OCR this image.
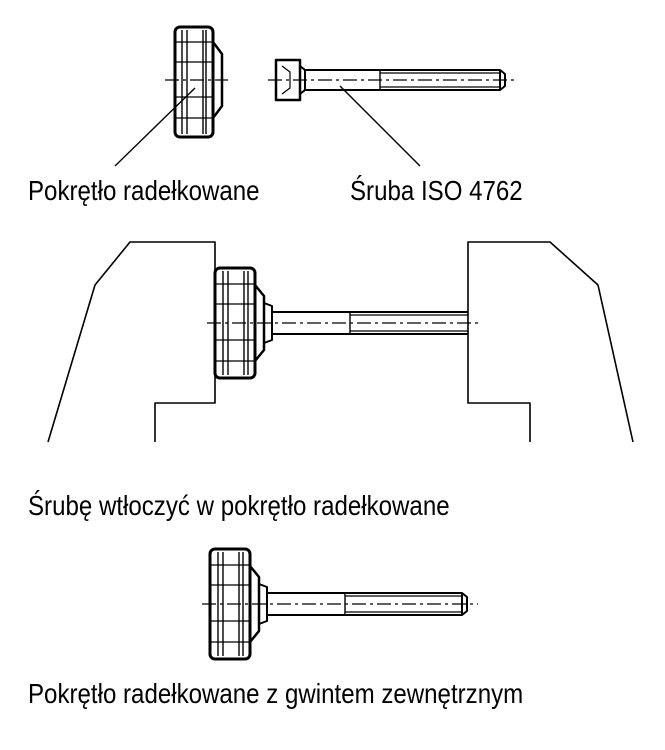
Pokrętło radełkowane	Śruba ISO 4762
Śrubę wtłoczyć w pokrętło radełkowane
Pokrętło radełkowane z gwintem zewnętrznym
